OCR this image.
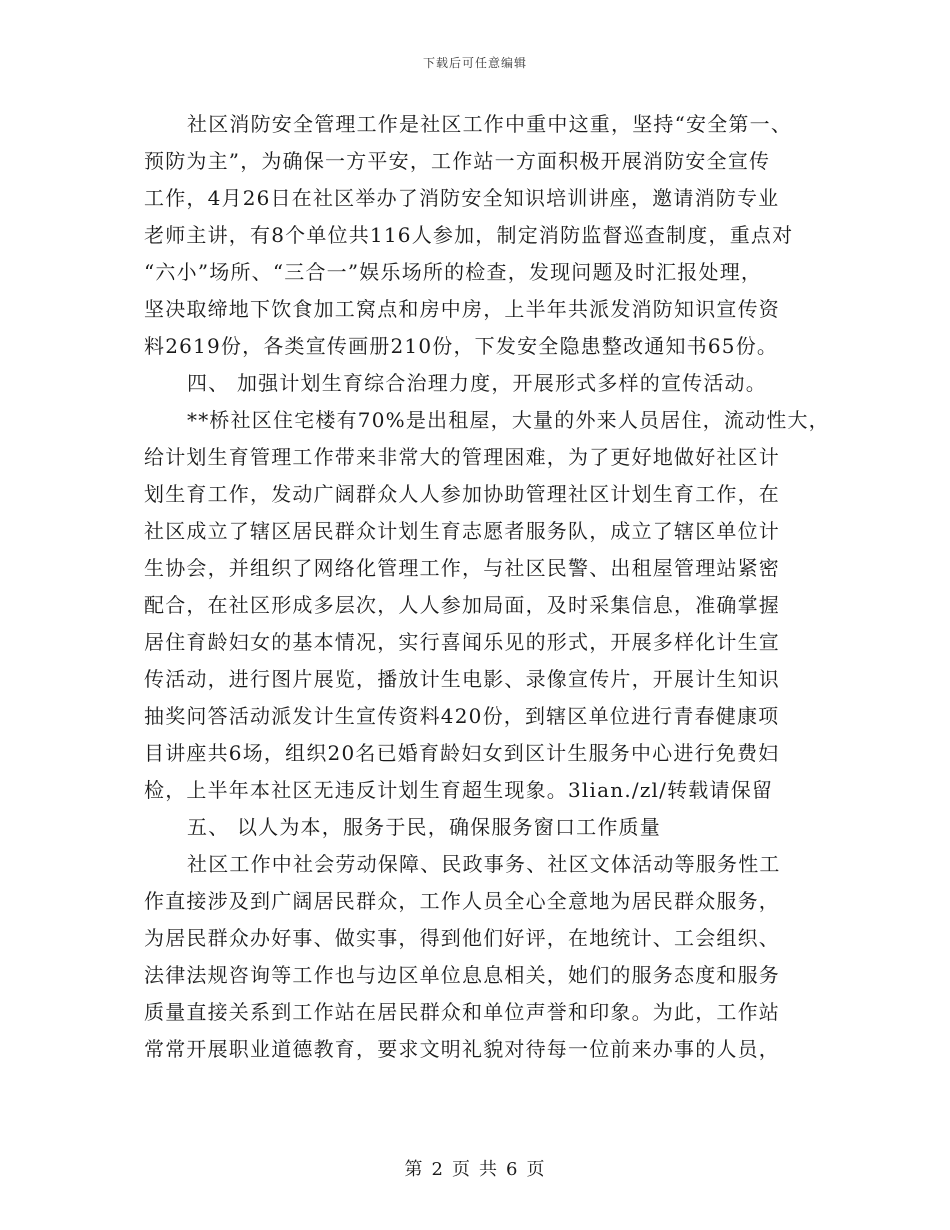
下载后可任意编辑
社区消防安全管理工作是社区工作中重中这重，坚持“安全第一、
预防为主”，为确保一方平安，工作站一方面积极开展消防安全宣传
工作，4月26日在社区举办了消防安全知识培训讲座，邀请消防专业
老师主讲，有8个单位共116人参加，制定消防监督巡查制度，重点对
“六小”场所、“三合一”娱乐场所的检查，发现问题及时汇报处理，
坚决取缔地下饮食加工窝点和房中房，上半年共派发消防知识宣传资
料2619份，各类宣传画册210份，下发安全隐患整改通知书65份。
四、 加强计划生育综合治理力度，开展形式多样的宣传活动。
**桥社区住宅楼有70%是出租屋，大量的外来人员居住，流动性大，
给计划生育管理工作带来非常大的管理困难，为了更好地做好社区计
划生育工作，发动广阔群众人人参加协助管理社区计划生育工作，在
社区成立了辖区居民群众计划生育志愿者服务队，成立了辖区单位计
生协会，并组织了网络化管理工作，与社区民警、出租屋管理站紧密
配合，在社区形成多层次，人人参加局面，及时采集信息，准确掌握
居住育龄妇女的基本情况，实行喜闻乐见的形式，开展多样化计生宣
传活动，进行图片展览，播放计生电影、录像宣传片，开展计生知识
抽奖问答活动派发计生宣传资料420份，到辖区单位进行青春健康项
目讲座共6场，组织20名已婚育龄妇女到区计生服务中心进行免费妇
检，上半年本社区无违反计划生育超生现象。3lian./zl/转载请保留
五、 以人为本，服务于民，确保服务窗口工作质量
社区工作中社会劳动保障、民政事务、社区文体活动等服务性工
作直接涉及到广阔居民群众，工作人员全心全意地为居民群众服务，
为居民群众办好事、做实事，得到他们好评，在地统计、工会组织、
法律法规咨询等工作也与边区单位息息相关，她们的服务态度和服务
质量直接关系到工作站在居民群众和单位声誉和印象。为此，工作站
常常开展职业道德教育，要求文明礼貌对待每一位前来办事的人员，
第 2 页 共 6 页
